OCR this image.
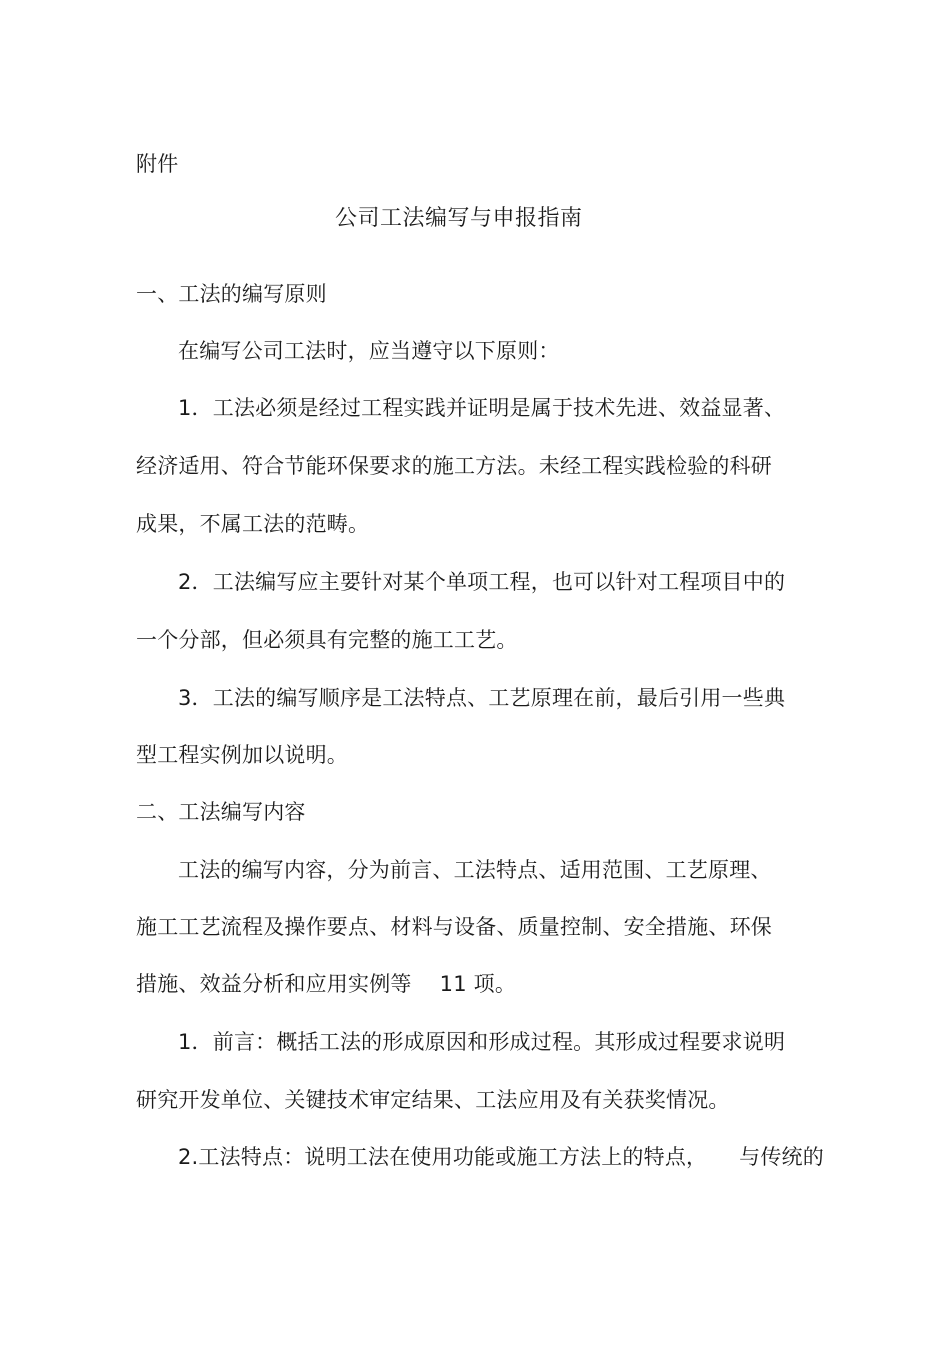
附件
公司工法编写与申报指南
一、工法的编写原则
在编写公司工法时，应当遵守以下原则：
1．工法必须是经过工程实践并证明是属于技术先进、效益显著、
经济适用、符合节能环保要求的施工方法。未经工程实践检验的科研
成果，不属工法的范畴。
2．工法编写应主要针对某个单项工程，也可以针对工程项目中的
一个分部，但必须具有完整的施工工艺。
3．工法的编写顺序是工法特点、工艺原理在前，最后引用一些典
型工程实例加以说明。
二、工法编写内容
工法的编写内容，分为前言、工法特点、适用范围、工艺原理、
施工工艺流程及操作要点、材料与设备、质量控制、安全措施、环保
措施、效益分析和应用实例等　 11 项。
1．前言：概括工法的形成原因和形成过程。其形成过程要求说明
研究开发单位、关键技术审定结果、工法应用及有关获奖情况。
2.工法特点：说明工法在使用功能或施工方法上的特点，　　与传统的
